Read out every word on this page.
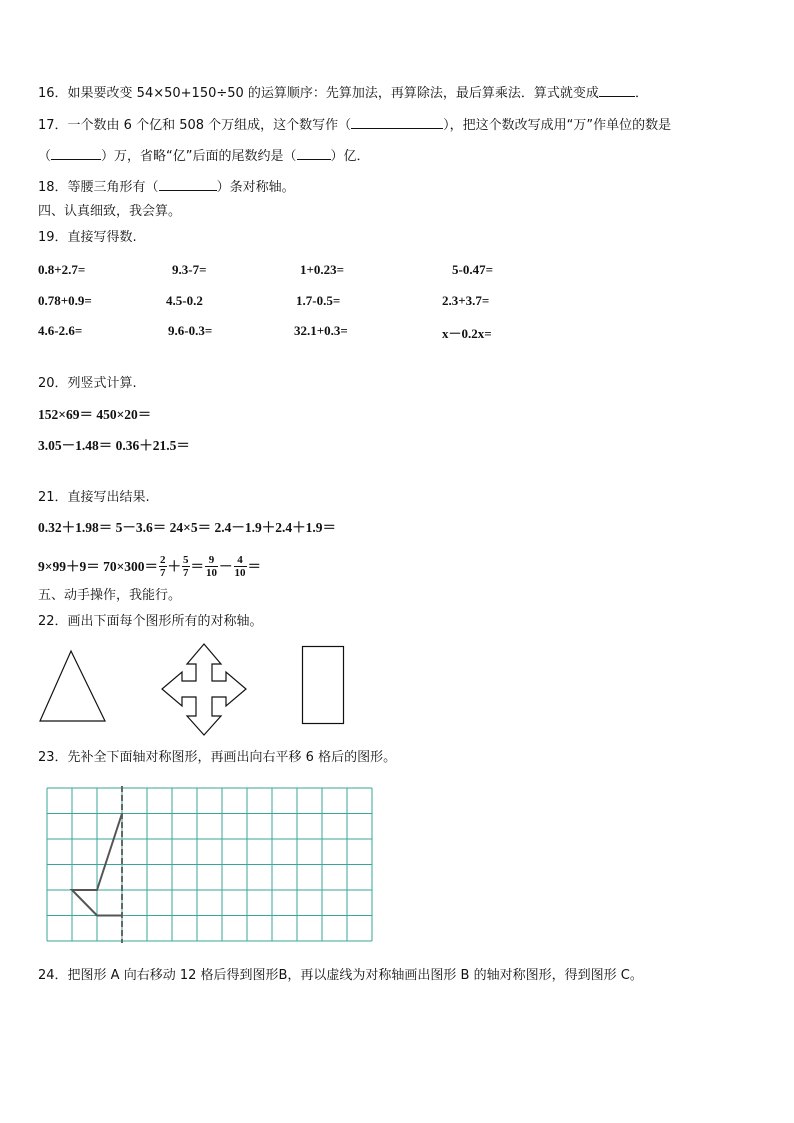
16．如果要改变 54×50+150÷50 的运算顺序：先算加法，再算除法，最后算乘法．算式就变成	．
17．一个数由 6 个亿和 508 个万组成，这个数写作（	），把这个数改写成用“万”作单位的数是
（	）万，省略“亿”后面的尾数约是（	）亿．
18．等腰三角形有（	）条对称轴。
四、认真细致，我会算。
19．直接写得数.
0.8+2.7=	9.3-7=	1+0.23=	5-0.47=
0.78+0.9=	4.5-0.2	1.7-0.5=	2.3+3.7=
4.6-2.6=	9.6-0.3=	32.1+0.3=	x－0.2x=
20．列竖式计算.
152×69＝ 450×20＝
3.05－1.48＝ 0.36＋21.5＝
21．直接写出结果.
0.32＋1.98＝ 5－3.6＝ 24×5＝ 2.4－1.9＋2.4＋1.9＝
$9\times 99+9= 70\times 300= \frac{2}{7} + \frac{5}{7} = \frac{9}{10} - \frac{4}{10}$ ＝
五、动手操作，我能行。
22．画出下面每个图形所有的对称轴。
23．先补全下面轴对称图形，再画出向右平移 6 格后的图形。
24．把图形 A 向右移动 12 格后得到图形B，再以虚线为对称轴画出图形 B 的轴对称图形，得到图形 C。
